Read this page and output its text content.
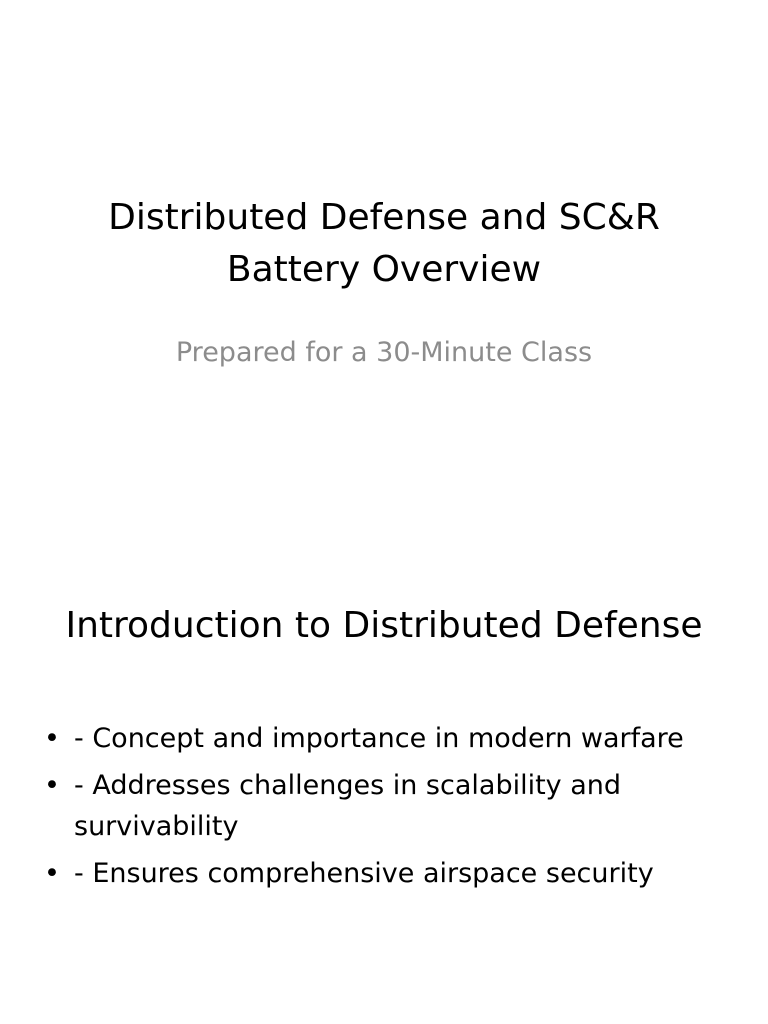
Distributed Defense and SC&R Battery Overview

Prepared for a 30-Minute Class

Introduction to Distributed Defense
• - Concept and importance in modern warfare
• - Addresses challenges in scalability and survivability
• - Ensures comprehensive airspace security
